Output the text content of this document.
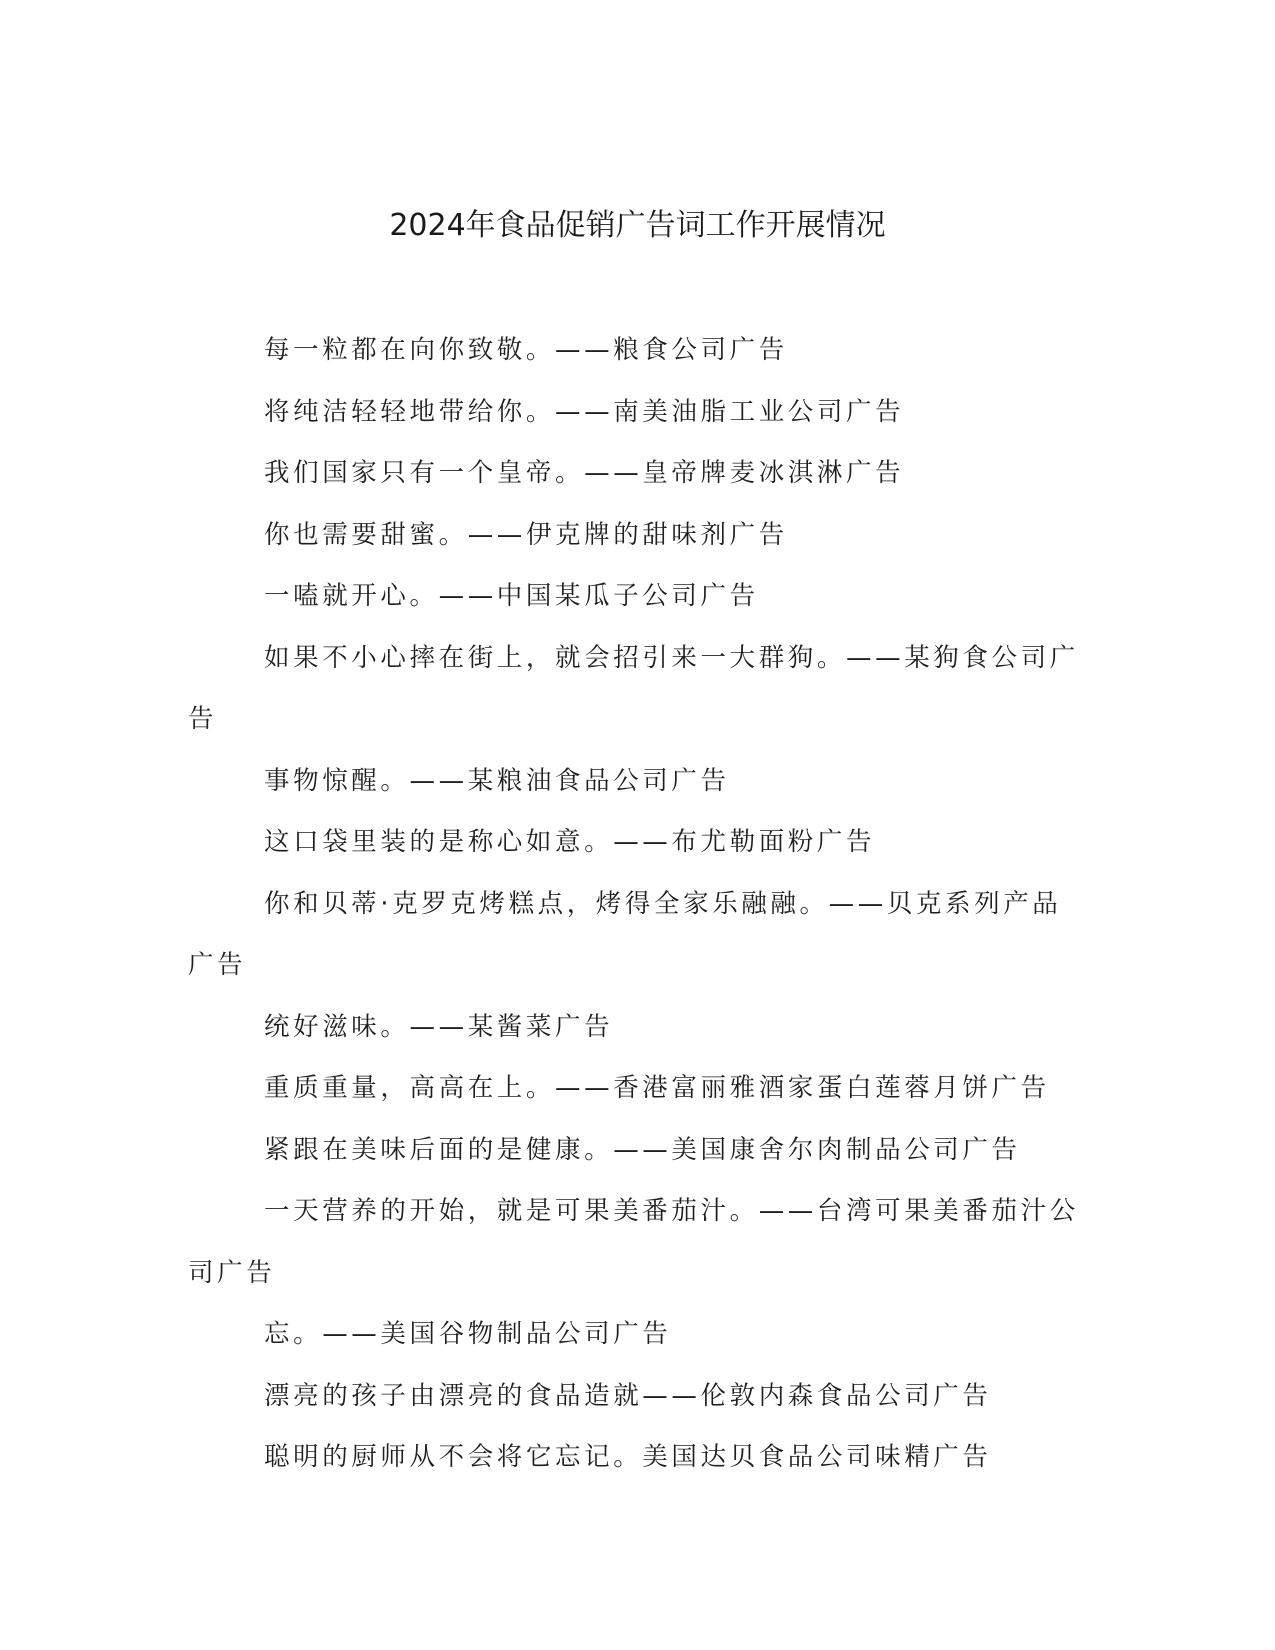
2024年食品促销广告词工作开展情况

每一粒都在向你致敬。——粮食公司广告

将纯洁轻轻地带给你。——南美油脂工业公司广告

我们国家只有一个皇帝。——皇帝牌麦冰淇淋广告

你也需要甜蜜。——伊克牌的甜味剂广告

一嗑就开心。——中国某瓜子公司广告

如果不小心摔在街上，就会招引来一大群狗。——某狗食公司广告

事物惊醒。——某粮油食品公司广告

这口袋里装的是称心如意。——布尤勒面粉广告

你和贝蒂·克罗克烤糕点，烤得全家乐融融。——贝克系列产品广告

统好滋味。——某酱菜广告

重质重量，高高在上。——香港富丽雅酒家蛋白莲蓉月饼广告

紧跟在美味后面的是健康。——美国康舍尔肉制品公司广告

一天营养的开始，就是可果美番茄汁。——台湾可果美番茄汁公司广告

忘。——美国谷物制品公司广告

漂亮的孩子由漂亮的食品造就——伦敦内森食品公司广告

聪明的厨师从不会将它忘记。美国达贝食品公司味精广告
